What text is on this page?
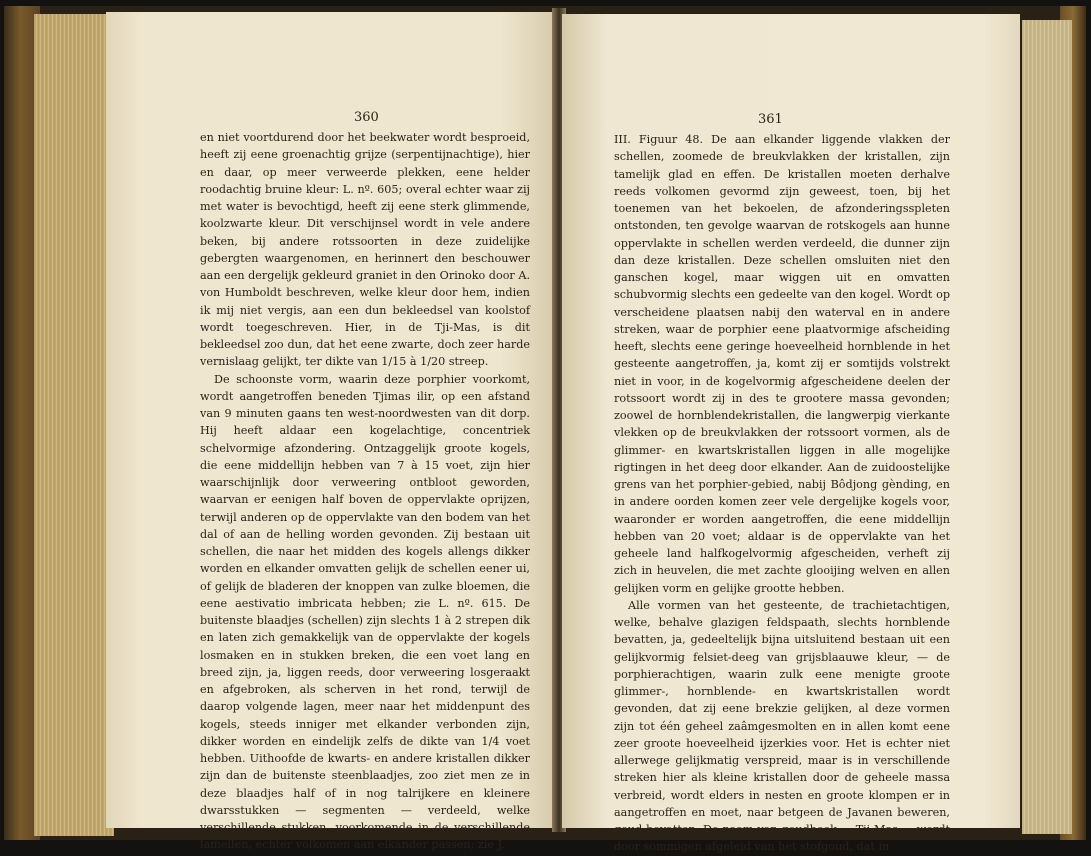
360

en niet voortdurend door het beekwater wordt besproeid, heeft zij eene groenachtig grijze (serpentijnachtige), hier en daar, op meer verweerde plekken, eene helder roodachtig bruine kleur: L. nº. 605; overal echter waar zij met water is bevochtigd, heeft zij eene sterk glimmende, koolzwarte kleur. Dit verschijnsel wordt in vele andere beken, bij andere rotssoorten in deze zuidelijke gebergten waargenomen, en herinnert den beschouwer aan een dergelijk gekleurd graniet in den Orinoko door A. von Humboldt beschreven, welke kleur door hem, indien ik mij niet vergis, aan een dun bekleedsel van koolstof wordt toegeschreven. Hier, in de Tji-Mas, is dit bekleedsel zoo dun, dat het eene zwarte, doch zeer harde vernislaag gelijkt, ter dikte van 1/15 à 1/20 streep.

De schoonste vorm, waarin deze porphier voorkomt, wordt aangetroffen beneden Tjimas ilir, op een afstand van 9 minuten gaans ten west-noordwesten van dit dorp. Hij heeft aldaar een kogelachtige, concentriek schelvormige afzondering. Ontzaggelijk groote kogels, die eene middellijn hebben van 7 à 15 voet, zijn hier waarschijnlijk door verweering ontbloot geworden, waarvan er eenigen half boven de oppervlakte oprijzen, terwijl anderen op de oppervlakte van den bodem van het dal of aan de helling worden gevonden. Zij bestaan uit schellen, die naar het midden des kogels allengs dikker worden en elkander omvatten gelijk de schellen eener ui, of gelijk de bladeren der knoppen van zulke bloemen, die eene aestivatio imbricata hebben; zie L. nº. 615. De buitenste blaadjes (schellen) zijn slechts 1 à 2 strepen dik en laten zich gemakkelijk van de oppervlakte der kogels losmaken en in stukken breken, die een voet lang en breed zijn, ja, liggen reeds, door verweering losgeraakt en afgebroken, als scherven in het rond, terwijl de daarop volgende lagen, meer naar het middenpunt des kogels, steeds inniger met elkander verbonden zijn, dikker worden en eindelijk zelfs de dikte van 1/4 voet hebben. Uithoofde de kwarts- en andere kristallen dikker zijn dan de buitenste steenblaadjes, zoo ziet men ze in deze blaadjes half of in nog talrijkere en kleinere dwarsstukken — segmenten — verdeeld, welke verschillende stukken, voorkomende in de verschillende lamellen, echter volkomen aan elkander passen; zie J.

361

III. Figuur 48. De aan elkander liggende vlakken der schellen, zoomede de breukvlakken der kristallen, zijn tamelijk glad en effen. De kristallen moeten derhalve reeds volkomen gevormd zijn geweest, toen, bij het toenemen van het bekoelen, de afzonderingsspleten ontstonden, ten gevolge waarvan de rotskogels aan hunne oppervlakte in schellen werden verdeeld, die dunner zijn dan deze kristallen. Deze schellen omsluiten niet den ganschen kogel, maar wiggen uit en omvatten schubvormig slechts een gedeelte van den kogel. Wordt op verscheidene plaatsen nabij den waterval en in andere streken, waar de porphier eene plaatvormige afscheiding heeft, slechts eene geringe hoeveelheid hornblende in het gesteente aangetroffen, ja, komt zij er somtijds volstrekt niet in voor, in de kogelvormig afgescheidene deelen der rotssoort wordt zij in des te grootere massa gevonden; zoowel de hornblendekristallen, die langwerpig vierkante vlekken op de breukvlakken der rotssoort vormen, als de glimmer- en kwartskristallen liggen in alle mogelijke rigtingen in het deeg door elkander. Aan de zuidoostelijke grens van het porphier-gebied, nabij Bôdjong gènding, en in andere oorden komen zeer vele dergelijke kogels voor, waaronder er worden aangetroffen, die eene middellijn hebben van 20 voet; aldaar is de oppervlakte van het geheele land halfkogelvormig afgescheiden, verheft zij zich in heuvelen, die met zachte glooijing welven en allen gelijken vorm en gelijke grootte hebben.

Alle vormen van het gesteente, de trachietachtigen, welke, behalve glazigen feldspaath, slechts hornblende bevatten, ja, gedeeltelijk bijna uitsluitend bestaan uit een gelijkvormig felsiet-deeg van grijsblaauwe kleur, — de porphierachtigen, waarin zulk eene menigte groote glimmer-, hornblende- en kwartskristallen wordt gevonden, dat zij eene brekzie gelijken, al deze vormen zijn tot één geheel zaâmgesmolten en in allen komt eene zeer groote hoeveelheid ijzerkies voor. Het is echter niet allerwege gelijkmatig verspreid, maar is in verschillende streken hier als kleine kristallen door de geheele massa verbreid, wordt elders in nesten en groote klompen er in aangetroffen en moet, naar betgeen de Javanen beweren, goud bevatten. De naam van goudbeek — Tji-Mas — wordt door sommigen afgeleid van het stofgoud, dat in
